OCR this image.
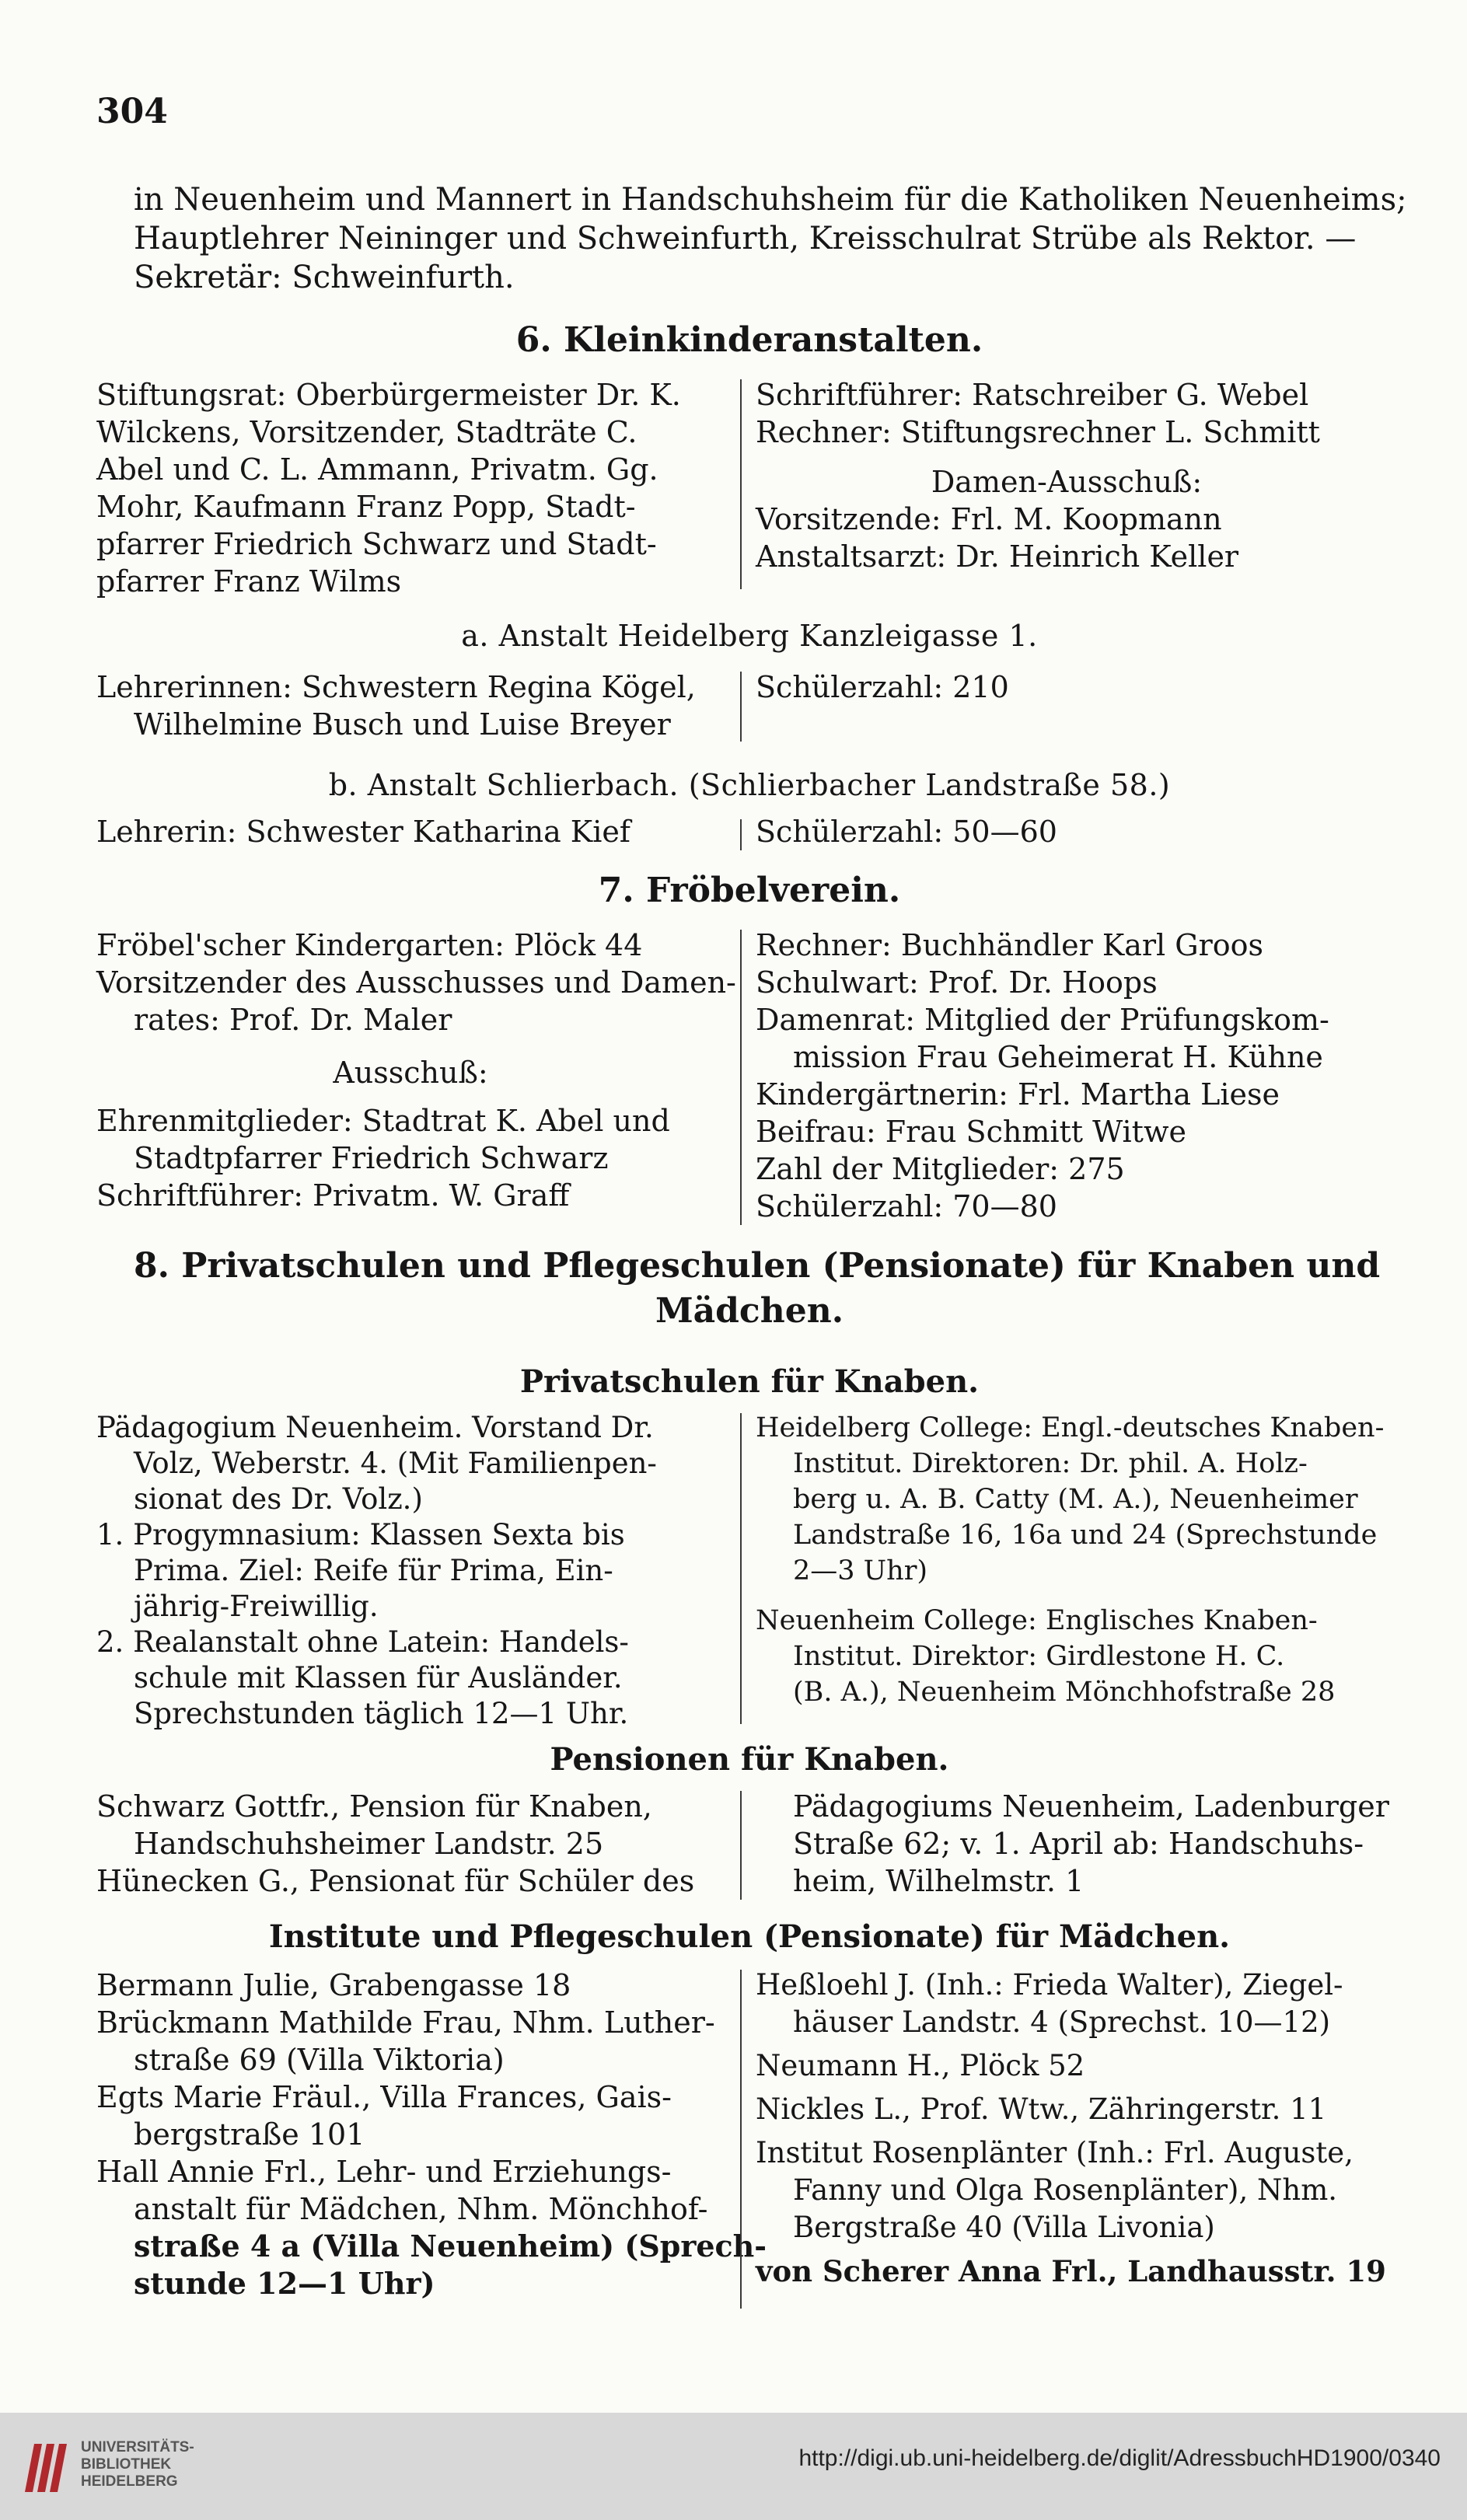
304
in Neuenheim und Mannert in Handschuhsheim für die Katholiken Neuenheims;
Hauptlehrer Neininger und Schweinfurth, Kreisschulrat Strübe als Rektor. —
Sekretär: Schweinfurth.
6. Kleinkinderanstalten.
Stiftungsrat: Oberbürgermeister Dr. K.
Wilckens, Vorsitzender, Stadträte C.
Abel und C. L. Ammann, Privatm. Gg.
Mohr, Kaufmann Franz Popp, Stadt-
pfarrer Friedrich Schwarz und Stadt-
pfarrer Franz Wilms
Schriftführer: Ratschreiber G. Webel
Rechner: Stiftungsrechner L. Schmitt
Damen-Ausschuß:
Vorsitzende: Frl. M. Koopmann
Anstaltsarzt: Dr. Heinrich Keller
a. Anstalt Heidelberg Kanzleigasse 1.
Lehrerinnen: Schwestern Regina Kögel,
Wilhelmine Busch und Luise Breyer
Schülerzahl: 210
b. Anstalt Schlierbach. (Schlierbacher Landstraße 58.)
Lehrerin: Schwester Katharina Kief	Schülerzahl: 50—60
7. Fröbelverein.
Fröbel'scher Kindergarten: Plöck 44
Vorsitzender des Ausschusses und Damen-
rates: Prof. Dr. Maler
Ausschuß:
Ehrenmitglieder: Stadtrat K. Abel und
Stadtpfarrer Friedrich Schwarz
Schriftführer: Privatm. W. Graff
Rechner: Buchhändler Karl Groos
Schulwart: Prof. Dr. Hoops
Damenrat: Mitglied der Prüfungskom-
mission Frau Geheimerat H. Kühne
Kindergärtnerin: Frl. Martha Liese
Beifrau: Frau Schmitt Witwe
Zahl der Mitglieder: 275
Schülerzahl: 70—80
8. Privatschulen und Pflegeschulen (Pensionate) für Knaben und
Mädchen.
Privatschulen für Knaben.
Pädagogium Neuenheim. Vorstand Dr.
Volz, Weberstr. 4. (Mit Familienpen-
sionat des Dr. Volz.)
1. Progymnasium: Klassen Sexta bis
Prima. Ziel: Reife für Prima, Ein-
jährig-Freiwillig.
2. Realanstalt ohne Latein: Handels-
schule mit Klassen für Ausländer.
Sprechstunden täglich 12—1 Uhr.
Heidelberg College: Engl.-deutsches Knaben-
Institut. Direktoren: Dr. phil. A. Holz-
berg u. A. B. Catty (M. A.), Neuenheimer
Landstraße 16, 16a und 24 (Sprechstunde
2—3 Uhr)
Neuenheim College: Englisches Knaben-
Institut. Direktor: Girdlestone H. C.
(B. A.), Neuenheim Mönchhofstraße 28
Pensionen für Knaben.
Schwarz Gottfr., Pension für Knaben,
Handschuhsheimer Landstr. 25
Hünecken G., Pensionat für Schüler des
Pädagogiums Neuenheim, Ladenburger
Straße 62; v. 1. April ab: Handschuhs-
heim, Wilhelmstr. 1
Institute und Pflegeschulen (Pensionate) für Mädchen.
Bermann Julie, Grabengasse 18
Brückmann Mathilde Frau, Nhm. Luther-
straße 69 (Villa Viktoria)
Egts Marie Fräul., Villa Frances, Gais-
bergstraße 101
Hall Annie Frl., Lehr- und Erziehungs-
anstalt für Mädchen, Nhm. Mönchhof-
straße 4 a (Villa Neuenheim) (Sprech-
stunde 12—1 Uhr)
Heßloehl J. (Inh.: Frieda Walter), Ziegel-
häuser Landstr. 4 (Sprechst. 10—12)
Neumann H., Plöck 52
Nickles L., Prof. Wtw., Zähringerstr. 11
Institut Rosenplänter (Inh.: Frl. Auguste,
Fanny und Olga Rosenplänter), Nhm.
Bergstraße 40 (Villa Livonia)
von Scherer Anna Frl., Landhausstr. 19
UNIVERSITÄTS-
BIBLIOTHEK
HEIDELBERG
http://digi.ub.uni-heidelberg.de/diglit/AdressbuchHD1900/0340
